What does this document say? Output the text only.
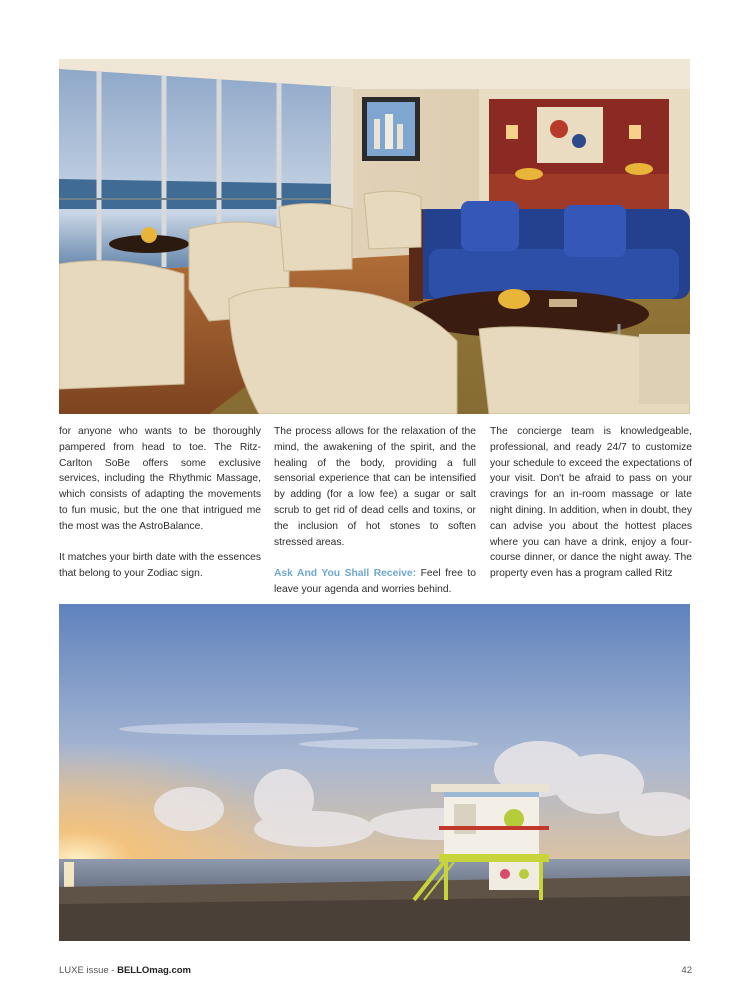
for anyone who wants to be thoroughly pampered from head to toe. The Ritz-Carlton SoBe offers some exclusive services, including the Rhythmic Massage, which consists of adapting the movements to fun music, but the one that intrigued me the most was the AstroBalance.

It matches your birth date with the essences that belong to your Zodiac sign.

The process allows for the relaxation of the mind, the awakening of the spirit, and the healing of the body, providing a full sensorial experience that can be intensified by adding (for a low fee) a sugar or salt scrub to get rid of dead cells and toxins, or the inclusion of hot stones to soften stressed areas.

Ask And You Shall Receive: Feel free to leave your agenda and worries behind.

The concierge team is knowledgeable, professional, and ready 24/7 to customize your schedule to exceed the expectations of your visit. Don't be afraid to pass on your cravings for an in-room massage or late night dining. In addition, when in doubt, they can advise you about the hottest places where you can have a drink, enjoy a four-course dinner, or dance the night away. The property even has a program called Ritz

LUXE issue - BELLOmag.com	42
